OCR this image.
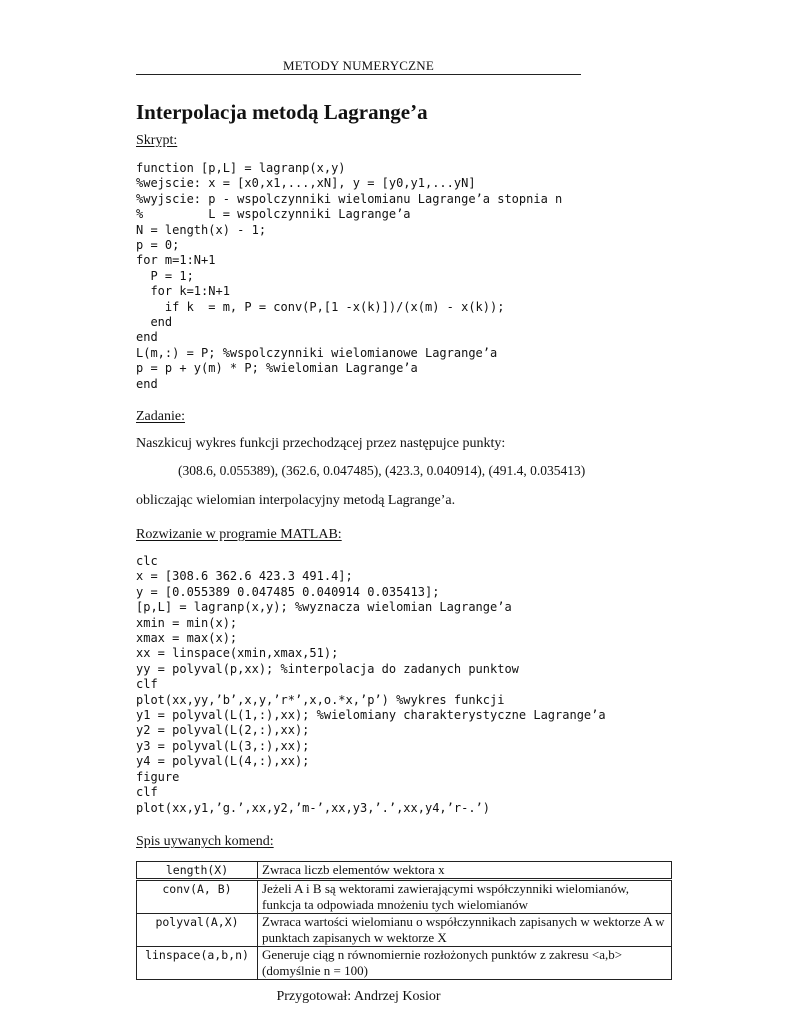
METODY NUMERYCZNE
Interpolacja metodą Lagrange’a
Skrypt:
function [p,L] = lagranp(x,y)
%wejscie: x = [x0,x1,...,xN], y = [y0,y1,...yN]
%wyjscie: p - wspolczynniki wielomianu Lagrange’a stopnia n
%         L = wspolczynniki Lagrange’a
N = length(x) - 1;
p = 0;
for m=1:N+1
P = 1;
for k=1:N+1
if k  = m, P = conv(P,[1 -x(k)])/(x(m) - x(k));
end
end
L(m,:) = P; %wspolczynniki wielomianowe Lagrange’a
p = p + y(m) * P; %wielomian Lagrange’a
end
Zadanie:
Naszkicuj wykres funkcji przechodzącej przez następujce punkty:
(308.6, 0.055389), (362.6, 0.047485), (423.3, 0.040914), (491.4, 0.035413)
obliczając wielomian interpolacyjny metodą Lagrange’a.
Rozwizanie w programie MATLAB:
clc
x = [308.6 362.6 423.3 491.4];
y = [0.055389 0.047485 0.040914 0.035413];
[p,L] = lagranp(x,y); %wyznacza wielomian Lagrange’a
xmin = min(x);
xmax = max(x);
xx = linspace(xmin,xmax,51);
yy = polyval(p,xx); %interpolacja do zadanych punktow
clf
plot(xx,yy,’b’,x,y,’r*’,x,o.*x,’p’) %wykres funkcji
y1 = polyval(L(1,:),xx); %wielomiany charakterystyczne Lagrange’a
y2 = polyval(L(2,:),xx);
y3 = polyval(L(3,:),xx);
y4 = polyval(L(4,:),xx);
figure
clf
plot(xx,y1,’g.’,xx,y2,’m-’,xx,y3,’.’,xx,y4,’r-.’)
Spis uywanych komend:
length(X)	Zwraca liczb elementów wektora x
conv(A, B)	Jeżeli A i B są wektorami zawierającymi współczynniki wielomianów, funkcja ta odpowiada mnożeniu tych wielomianów
polyval(A,X)	Zwraca wartości wielomianu o współczynnikach zapisanych w wektorze A w punktach zapisanych w wektorze X
linspace(a,b,n)	Generuje ciąg n równomiernie rozłożonych punktów z zakresu <a,b> (domyślnie n = 100)
Przygotował: Andrzej Kosior
